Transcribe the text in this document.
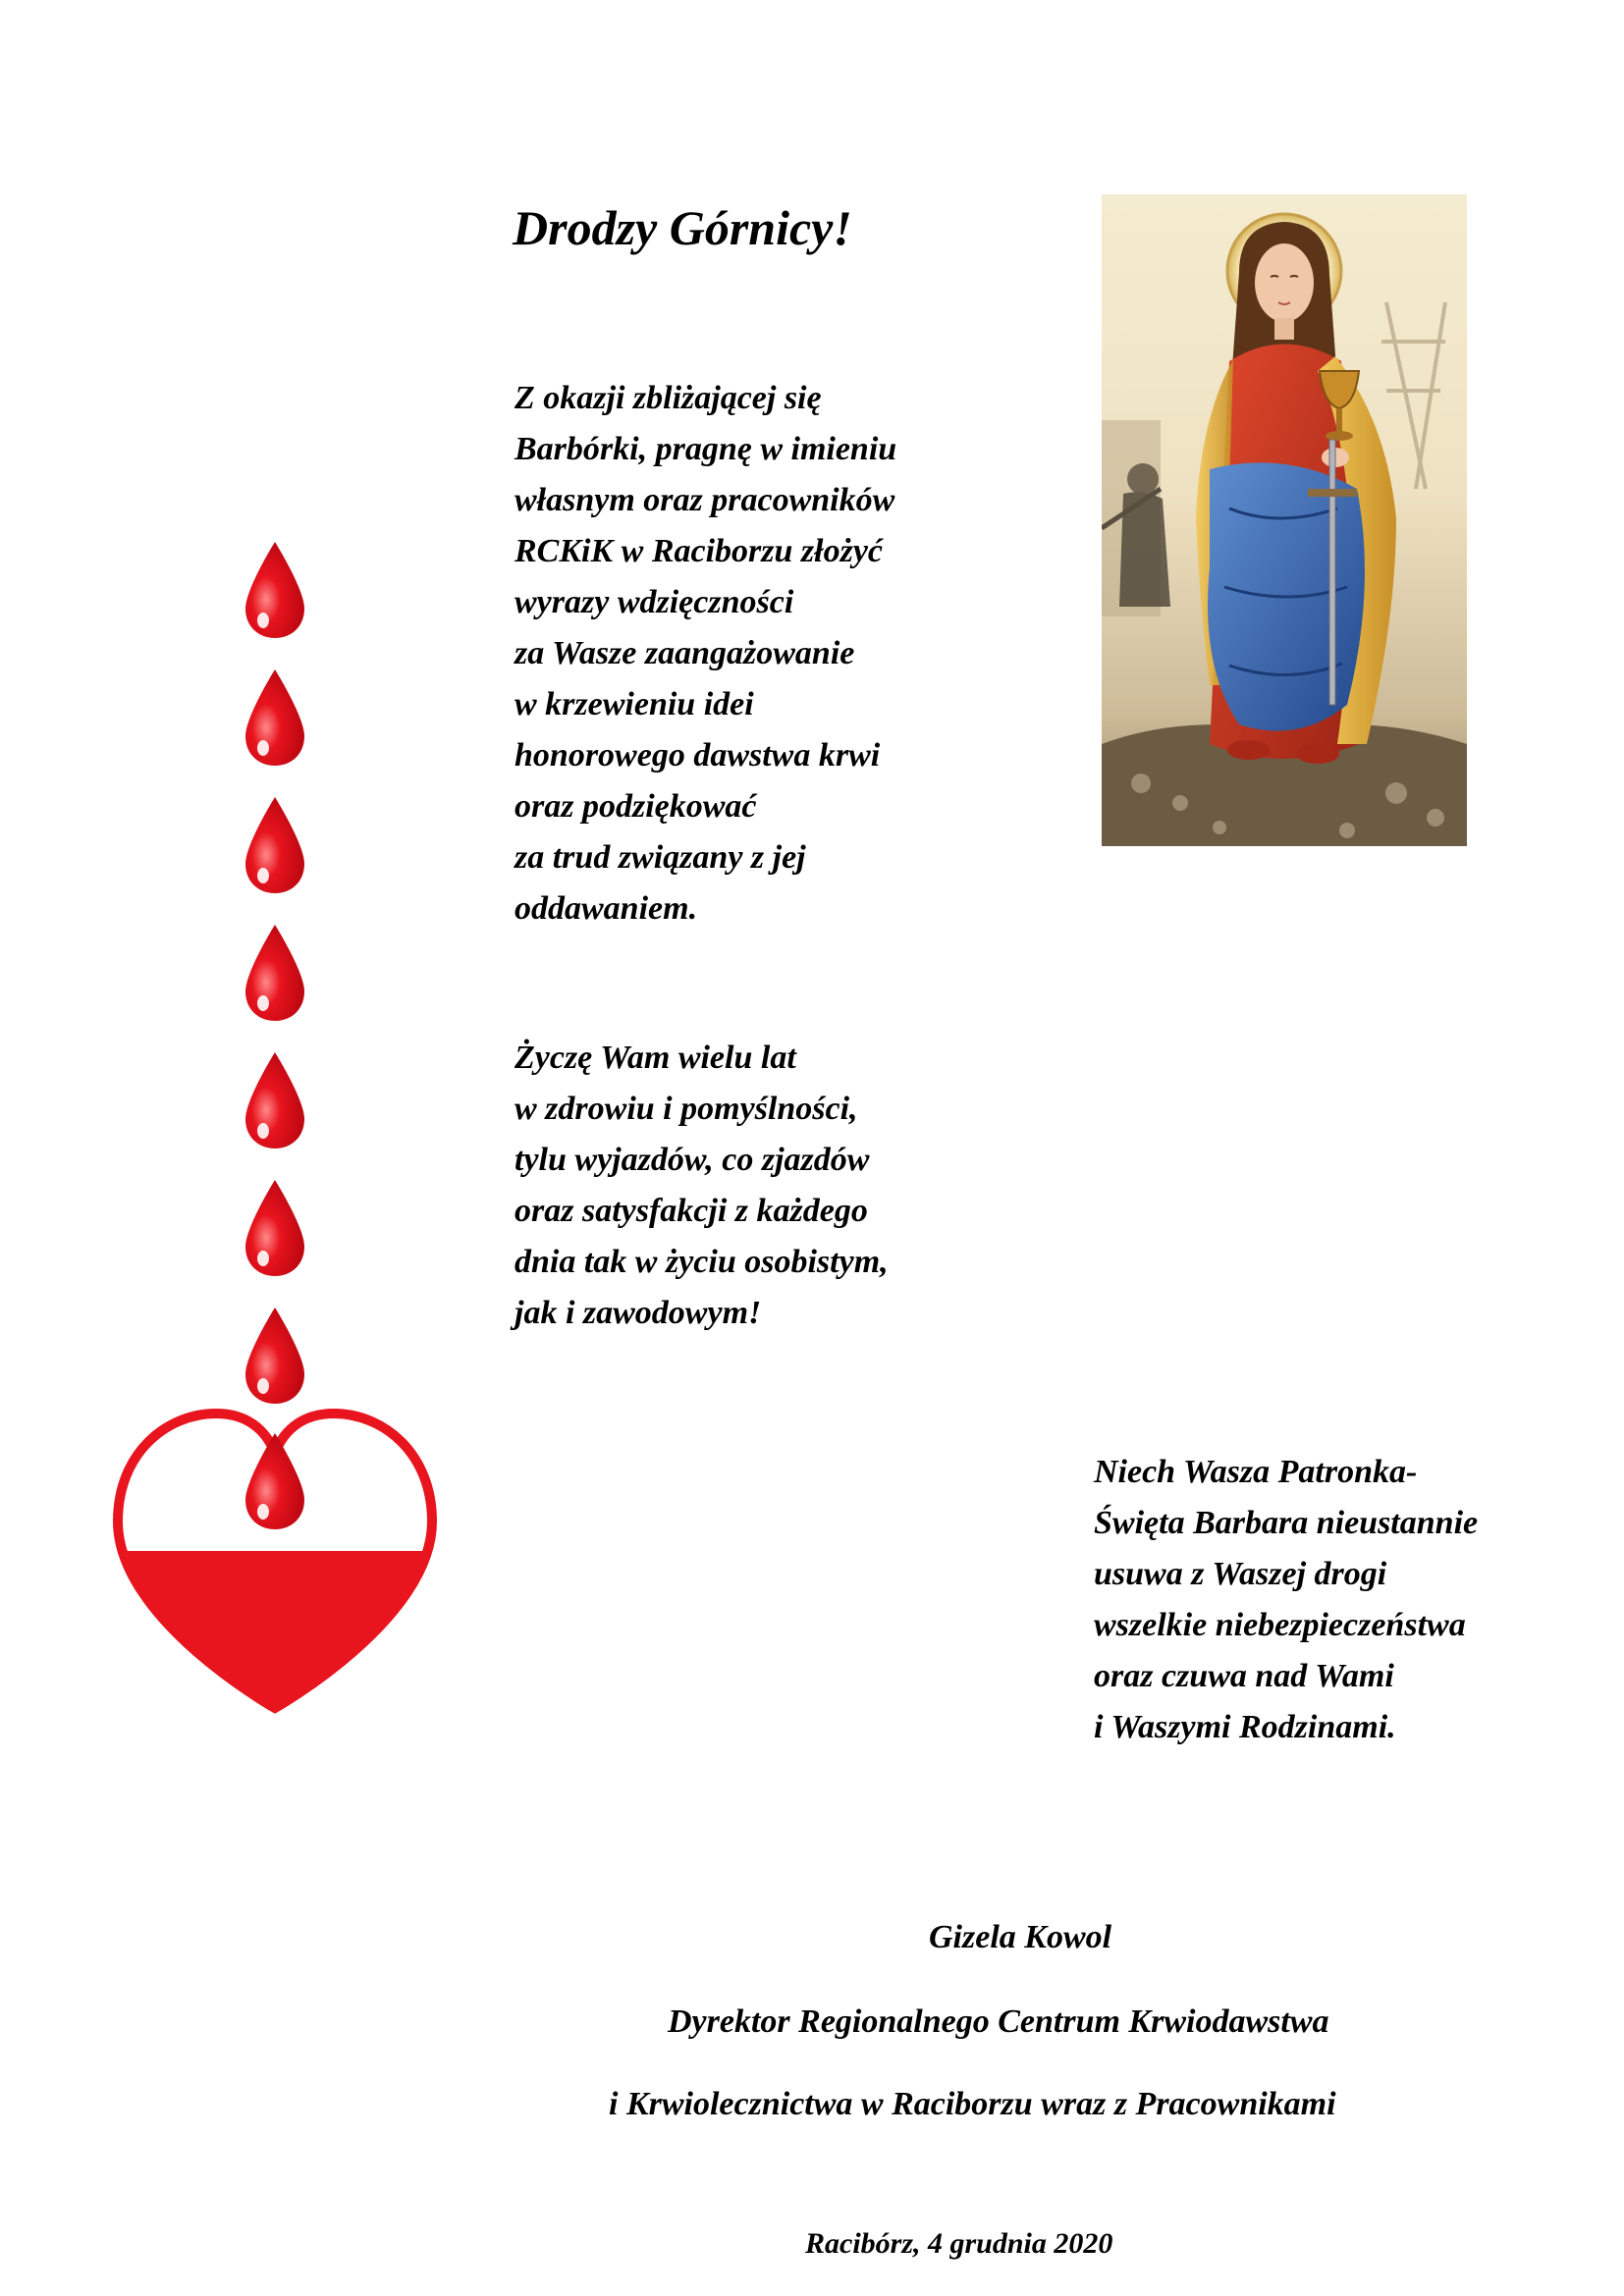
Drodzy Górnicy!
Z okazji zbliżającej się
Barbórki, pragnę w imieniu
własnym oraz pracowników
RCKiK w Raciborzu złożyć
wyrazy wdzięczności
za Wasze zaangażowanie
w krzewieniu idei
honorowego dawstwa krwi
oraz podziękować
za trud związany z jej
oddawaniem.
Życzę Wam wielu lat
w zdrowiu i pomyślności,
tylu wyjazdów, co zjazdów
oraz satysfakcji z każdego
dnia tak w życiu osobistym,
jak i zawodowym!
Niech Wasza Patronka-
Święta Barbara nieustannie
usuwa z Waszej drogi
wszelkie niebezpieczeństwa
oraz czuwa nad Wami
i Waszymi Rodzinami.
Gizela Kowol
Dyrektor Regionalnego Centrum Krwiodawstwa
i Krwiolecznictwa w Raciborzu wraz z Pracownikami
Racibórz, 4 grudnia 2020
